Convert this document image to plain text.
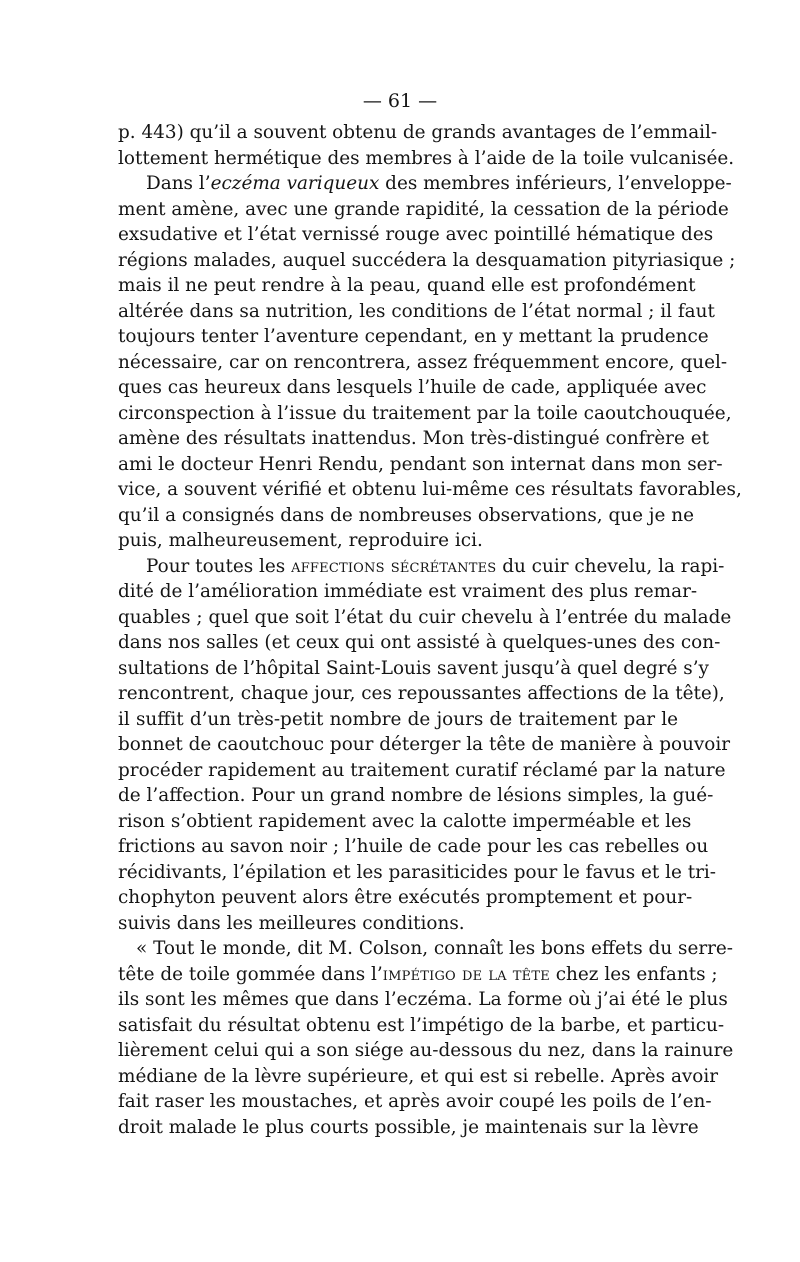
— 61 —
p. 443) qu’il a souvent obtenu de grands avantages de l’emmail-
lottement hermétique des membres à l’aide de la toile vulcanisée.
Dans l’eczéma variqueux des membres inférieurs, l’enveloppe-
ment amène, avec une grande rapidité, la cessation de la période
exsudative et l’état vernissé rouge avec pointillé hématique des
régions malades, auquel succédera la desquamation pityriasique ;
mais il ne peut rendre à la peau, quand elle est profondément
altérée dans sa nutrition, les conditions de l’état normal ; il faut
toujours tenter l’aventure cependant, en y mettant la prudence
nécessaire, car on rencontrera, assez fréquemment encore, quel-
ques cas heureux dans lesquels l’huile de cade, appliquée avec
circonspection à l’issue du traitement par la toile caoutchouquée,
amène des résultats inattendus. Mon très-distingué confrère et
ami le docteur Henri Rendu, pendant son internat dans mon ser-
vice, a souvent vérifié et obtenu lui-même ces résultats favorables,
qu’il a consignés dans de nombreuses observations, que je ne
puis, malheureusement, reproduire ici.
Pour toutes les affections sécrétantes du cuir chevelu, la rapi-
dité de l’amélioration immédiate est vraiment des plus remar-
quables ; quel que soit l’état du cuir chevelu à l’entrée du malade
dans nos salles (et ceux qui ont assisté à quelques-unes des con-
sultations de l’hôpital Saint-Louis savent jusqu’à quel degré s’y
rencontrent, chaque jour, ces repoussantes affections de la tête),
il suffit d’un très-petit nombre de jours de traitement par le
bonnet de caoutchouc pour déterger la tête de manière à pouvoir
procéder rapidement au traitement curatif réclamé par la nature
de l’affection. Pour un grand nombre de lésions simples, la gué-
rison s’obtient rapidement avec la calotte imperméable et les
frictions au savon noir ; l’huile de cade pour les cas rebelles ou
récidivants, l’épilation et les parasiticides pour le favus et le tri-
chophyton peuvent alors être exécutés promptement et pour-
suivis dans les meilleures conditions.
« Tout le monde, dit M. Colson, connaît les bons effets du serre-
tête de toile gommée dans l’impétigo de la tête chez les enfants ;
ils sont les mêmes que dans l’eczéma. La forme où j’ai été le plus
satisfait du résultat obtenu est l’impétigo de la barbe, et particu-
lièrement celui qui a son siége au-dessous du nez, dans la rainure
médiane de la lèvre supérieure, et qui est si rebelle. Après avoir
fait raser les moustaches, et après avoir coupé les poils de l’en-
droit malade le plus courts possible, je maintenais sur la lèvre
